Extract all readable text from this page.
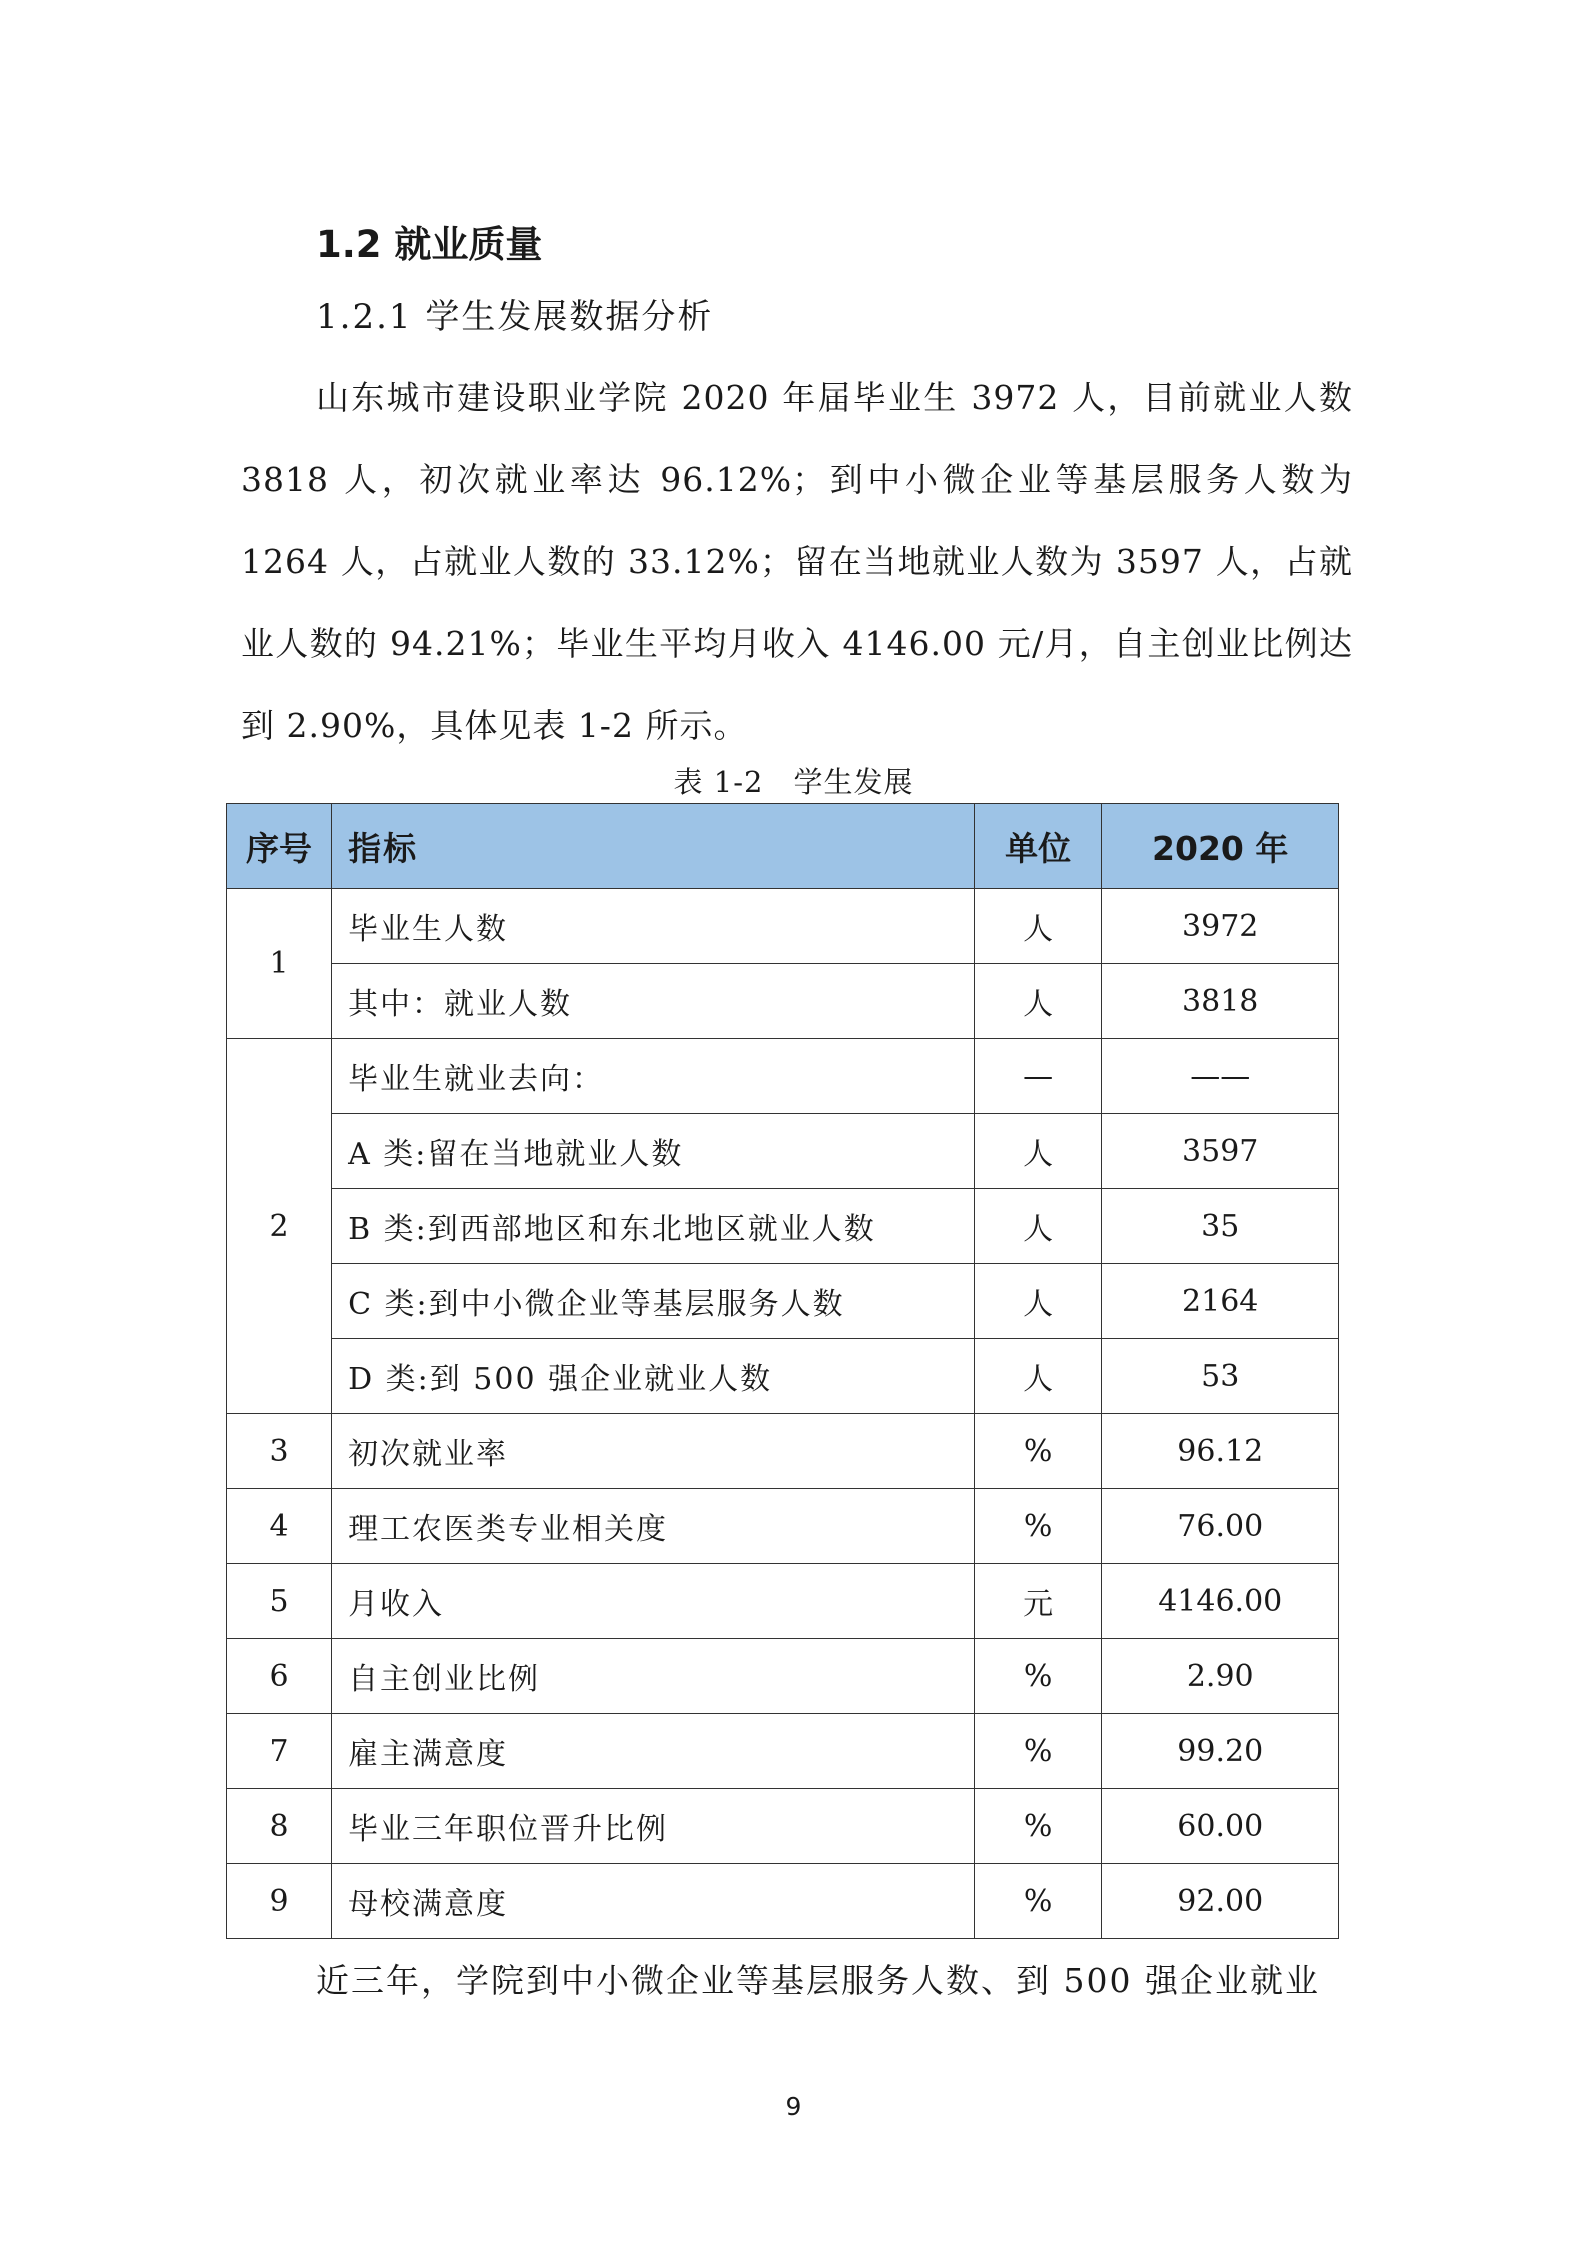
1.2 就业质量
1.2.1 学生发展数据分析
山东城市建设职业学院 2020 年届毕业生 3972 人，目前就业人数 3818 人，初次就业率达 96.12%；到中小微企业等基层服务人数为 1264 人，占就业人数的 33.12%；留在当地就业人数为 3597 人，占就业人数的 94.21%；毕业生平均月收入 4146.00 元/月，自主创业比例达到 2.90%，具体见表 1-2 所示。
表 1-2　学生发展
序号	指标	单位	2020 年
1	毕业生人数	人	3972
	其中：就业人数	人	3818
2	毕业生就业去向：	—	——
	A 类:留在当地就业人数	人	3597
	B 类:到西部地区和东北地区就业人数	人	35
	C 类:到中小微企业等基层服务人数	人	2164
	D 类:到 500 强企业就业人数	人	53
3	初次就业率	%	96.12
4	理工农医类专业相关度	%	76.00
5	月收入	元	4146.00
6	自主创业比例	%	2.90
7	雇主满意度	%	99.20
8	毕业三年职位晋升比例	%	60.00
9	母校满意度	%	92.00
近三年，学院到中小微企业等基层服务人数、到 500 强企业就业
9
